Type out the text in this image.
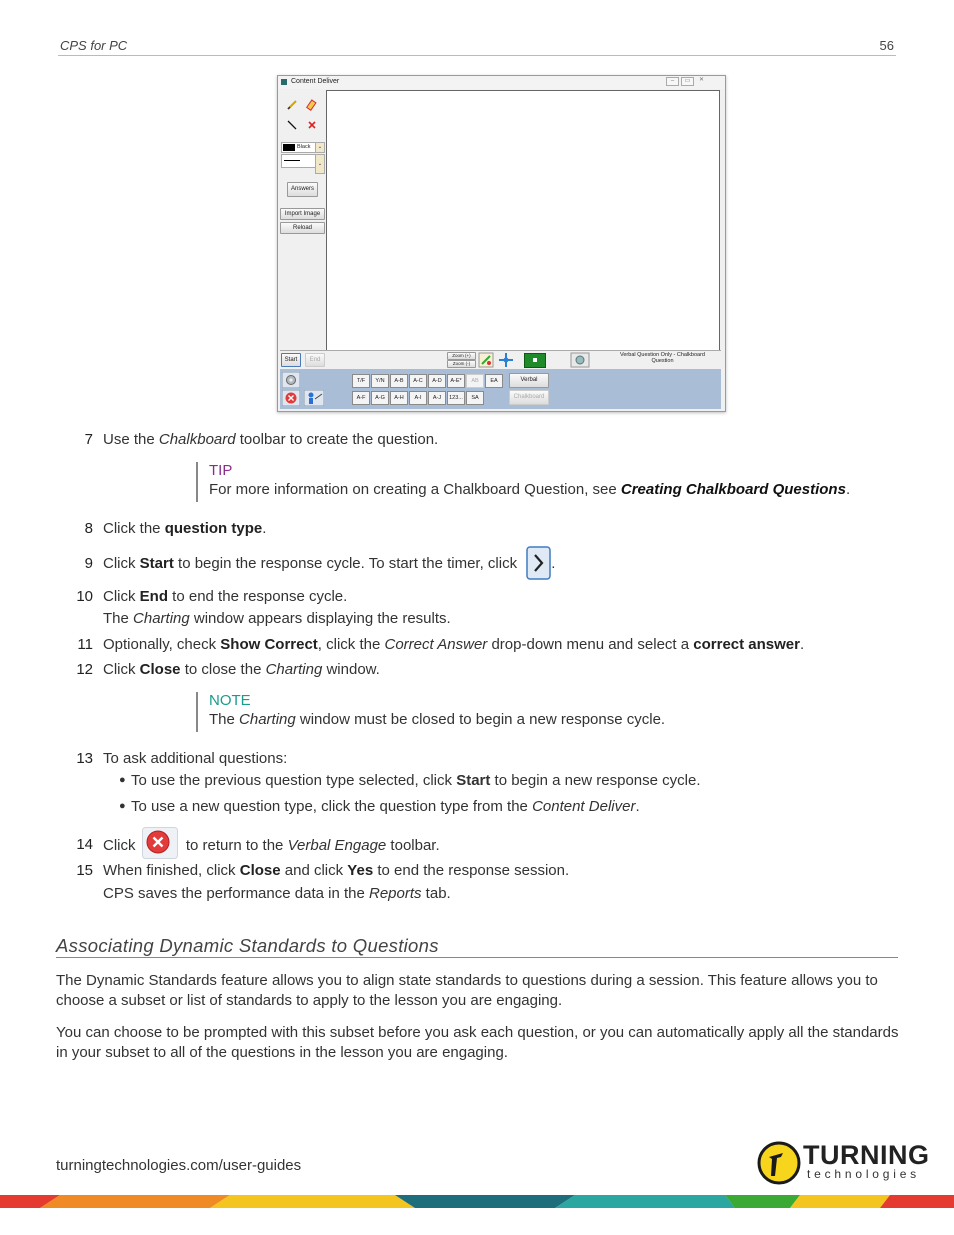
CPS for PC	56
Content Deliver	–	▭	✕
Black	⌄
⌄
Answers
Import Image
Reload
Start	End
Zoom (+)
Zoom (-)
Verbal Question Only - Chalkboard Question
T/F	Y/N	A-B	A-C	A-D	A-E*	AB	EA
A-F	A-G	A-H	A-I	A-J	123...	SA
Verbal
Chalkboard
7 Use the Chalkboard toolbar to create the question.
TIP
For more information on creating a Chalkboard Question, see Creating Chalkboard Questions.
8 Click the question type.
9 Click Start to begin the response cycle. To start the timer, click .
10 Click End to end the response cycle.
The Charting window appears displaying the results.
11 Optionally, check Show Correct, click the Correct Answer drop-down menu and select a correct answer.
12 Click Close to close the Charting window.
NOTE
The Charting window must be closed to begin a new response cycle.
13 To ask additional questions:
● To use the previous question type selected, click Start to begin a new response cycle.
● To use a new question type, click the question type from the Content Deliver.
14 Click	to return to the Verbal Engage toolbar.
15 When finished, click Close and click Yes to end the response session.
CPS saves the performance data in the Reports tab.
Associating Dynamic Standards to Questions
The Dynamic Standards feature allows you to align state standards to questions during a session. This feature allows you to choose a subset or list of standards to apply to the lesson you are engaging.
You can choose to be prompted with this subset before you ask each question, or you can automatically apply all the standards in your subset to all of the questions in the lesson you are engaging.
turningtechnologies.com/user-guides	TURNING
technologies
